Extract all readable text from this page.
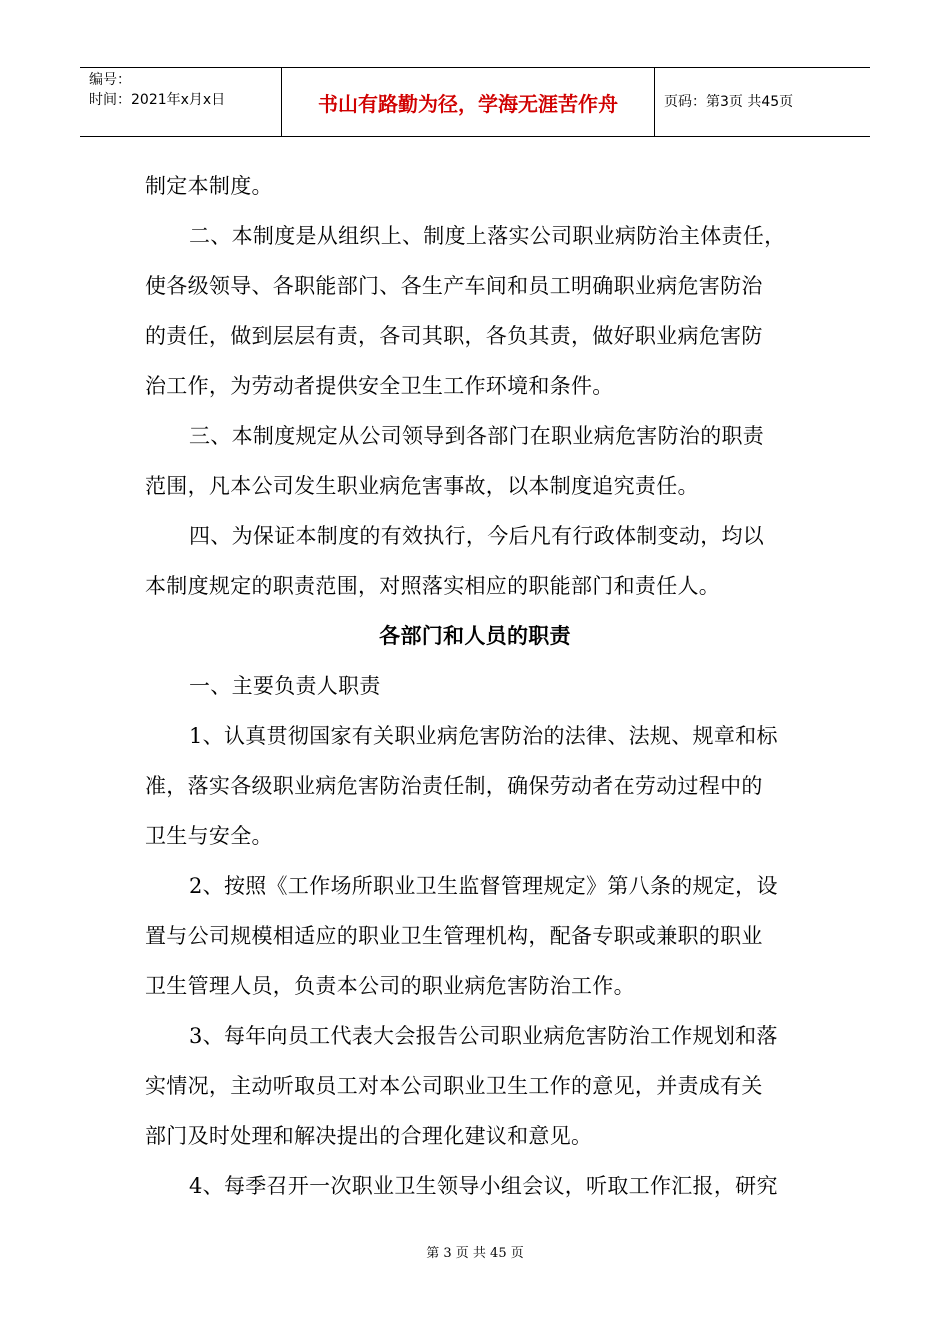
编号：
时间：2021年x月x日	书山有路勤为径，学海无涯苦作舟	页码：第3页 共45页
制定本制度。
二、本制度是从组织上、制度上落实公司职业病防治主体责任，
使各级领导、各职能部门、各生产车间和员工明确职业病危害防治
的责任，做到层层有责，各司其职，各负其责，做好职业病危害防
治工作，为劳动者提供安全卫生工作环境和条件。
三、本制度规定从公司领导到各部门在职业病危害防治的职责
范围，凡本公司发生职业病危害事故，以本制度追究责任。
四、为保证本制度的有效执行，今后凡有行政体制变动，均以
本制度规定的职责范围，对照落实相应的职能部门和责任人。
各部门和人员的职责
一、主要负责人职责
1、认真贯彻国家有关职业病危害防治的法律、法规、规章和标
准，落实各级职业病危害防治责任制，确保劳动者在劳动过程中的
卫生与安全。
2、按照《工作场所职业卫生监督管理规定》第八条的规定，设
置与公司规模相适应的职业卫生管理机构，配备专职或兼职的职业
卫生管理人员，负责本公司的职业病危害防治工作。
3、每年向员工代表大会报告公司职业病危害防治工作规划和落
实情况，主动听取员工对本公司职业卫生工作的意见，并责成有关
部门及时处理和解决提出的合理化建议和意见。
4、每季召开一次职业卫生领导小组会议，听取工作汇报，研究
第 3 页 共 45 页
